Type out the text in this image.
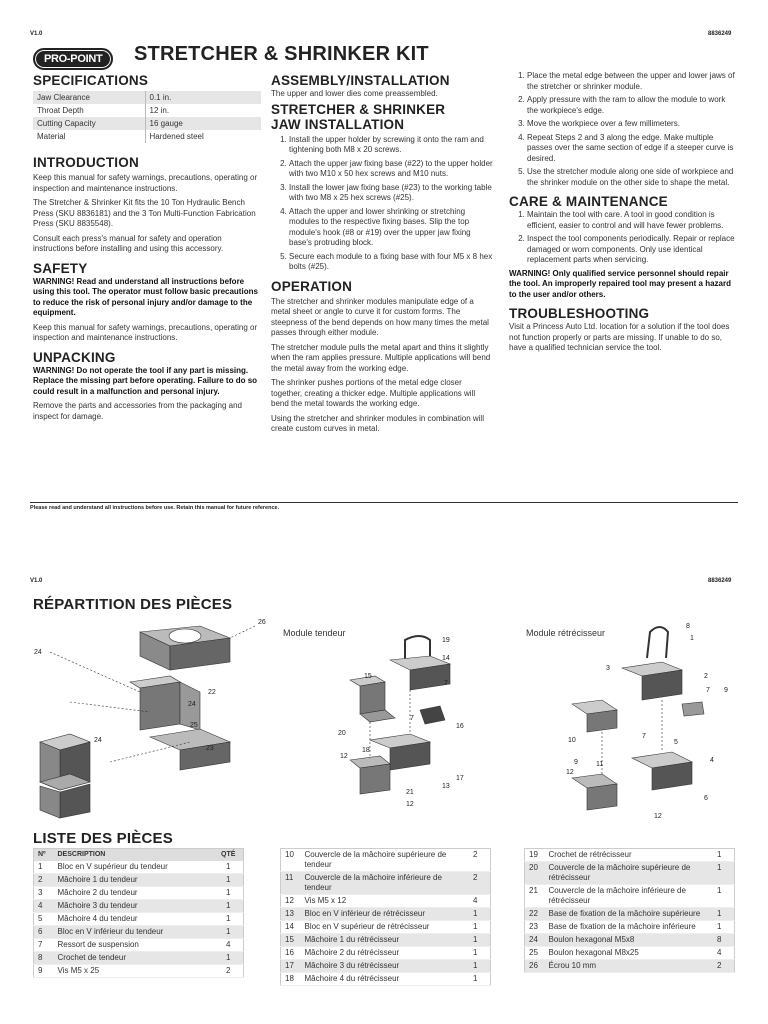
V1.0	8836249
PRO-POINT	STRETCHER & SHRINKER KIT
SPECIFICATIONS
Jaw Clearance	0.1 in.
Throat Depth	12 in.
Cutting Capacity	16 gauge
Material	Hardened steel
INTRODUCTION

Keep this manual for safety warnings, precautions, operating or inspection and maintenance instructions.

The Stretcher & Shrinker Kit fits the 10 Ton Hydraulic Bench Press (SKU 8836181) and the 3 Ton Multi-Function Fabrication Press (SKU 8835548).

Consult each press's manual for safety and operation instructions before installing and using this accessory.

SAFETY

WARNING! Read and understand all instructions before using this tool. The operator must follow basic precautions to reduce the risk of personal injury and/or damage to the equipment.

Keep this manual for safety warnings, precautions, operating or inspection and maintenance instructions.

UNPACKING

WARNING! Do not operate the tool if any part is missing. Replace the missing part before operating. Failure to do so could result in a malfunction and personal injury.

Remove the parts and accessories from the packaging and inspect for damage.

ASSEMBLY/INSTALLATION

The upper and lower dies come preassembled.

STRETCHER & SHRINKER JAW INSTALLATION
1. Install the upper holder by screwing it onto the ram and tightening both M8 x 20 screws.
2. Attach the upper jaw fixing base (#22) to the upper holder with two M10 x 50 hex screws and M10 nuts.
3. Install the lower jaw fixing base (#23) to the working table with two M8 x 25 hex screws (#25).
4. Attach the upper and lower shrinking or stretching modules to the respective fixing bases. Slip the top module's hook (#8 or #19) over the upper jaw fixing base's protruding block.
5. Secure each module to a fixing base with four M5 x 8 hex bolts (#25).
OPERATION

The stretcher and shrinker modules manipulate edge of a metal sheet or angle to curve it for custom forms. The steepness of the bend depends on how many times the metal passes through either module.

The stretcher module pulls the metal apart and thins it slightly when the ram applies pressure. Multiple applications will bend the metal away from the working edge.

The shrinker pushes portions of the metal edge closer together, creating a thicker edge. Multiple applications will bend the metal towards the working edge.

Using the stretcher and shrinker modules in combination will create custom curves in metal.

1. Place the metal edge between the upper and lower jaws of the stretcher or shrinker module.
2. Apply pressure with the ram to allow the module to work the workpiece's edge.
3. Move the workpiece over a few millimeters.
4. Repeat Steps 2 and 3 along the edge. Make multiple passes over the same section of edge if a steeper curve is desired.
5. Use the stretcher module along one side of workpiece and the shrinker module on the other side to shape the metal.
CARE & MAINTENANCE
1. Maintain the tool with care. A tool in good condition is efficient, easier to control and will have fewer problems.
2. Inspect the tool components periodically. Repair or replace damaged or worn components. Only use identical replacement parts when servicing.

WARNING! Only qualified service personnel should repair the tool. An improperly repaired tool may present a hazard to the user and/or others.

TROUBLESHOOTING

Visit a Princess Auto Ltd. location for a solution if the tool does not function properly or parts are missing. If unable to do so, have a qualified technician service the tool.

Please read and understand all instructions before use. Retain this manual for future reference.
V1.0	8836249
RÉPARTITION DES PIÈCES
Module tendeur	Module rétrécisseur
26
24
22
24
25
23
24
19
14
15
7
20
7
16
12
18
17
13
21
12
8
1
3
2
7 9
10
7
5
9	11
4
12
6
12
LISTE DES PIÈCES
Nº	DESCRIPTION	QTÉ
1	Bloc en V supérieur du tendeur	1
2	Mâchoire 1 du tendeur	1
3	Mâchoire 2 du tendeur	1
4	Mâchoire 3 du tendeur	1
5	Mâchoire 4 du tendeur	1
6	Bloc en V inférieur du tendeur	1
7	Ressort de suspension	4
8	Crochet de tendeur	1
9	Vis M5 x 25	2
10	Couvercle de la mâchoire supérieure de tendeur	2
11	Couvercle de la mâchoire inférieure de tendeur	2
12	Vis M5 x 12	4
13	Bloc en V inférieur de rétrécisseur	1
14	Bloc en V supérieur de rétrécisseur	1
15	Mâchoire 1 du rétrécisseur	1
16	Mâchoire 2 du rétrécisseur	1
17	Mâchoire 3 du rétrécisseur	1
18	Mâchoire 4 du rétrécisseur	1
19	Crochet de rétrécisseur	1
20	Couvercle de la mâchoire supérieure de rétrécisseur	1
21	Couvercle de la mâchoire inférieure de rétrécisseur	1
22	Base de fixation de la mâchoire supérieure	1
23	Base de fixation de la mâchoire inférieure	1
24	Boulon hexagonal M5x8	8
25	Boulon hexagonal M8x25	4
26	Écrou 10 mm	2
